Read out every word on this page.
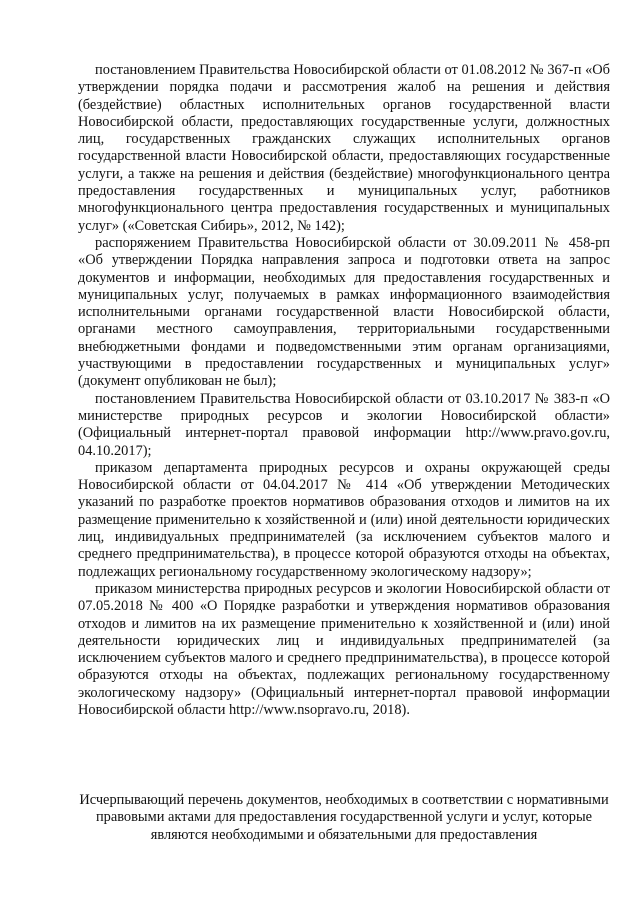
постановлением Правительства Новосибирской области от 01.08.2012 № 367-п «Об утверждении порядка подачи и рассмотрения жалоб на решения и действия (бездействие) областных исполнительных органов государственной власти Новосибирской области, предоставляющих государственные услуги, должностных лиц, государственных гражданских служащих исполнительных органов государственной власти Новосибирской области, предоставляющих государственные услуги, а также на решения и действия (бездействие) многофункционального центра предоставления государственных и муниципальных услуг, работников многофункционального центра предоставления государственных и муниципальных услуг» («Советская Сибирь», 2012, № 142);

распоряжением Правительства Новосибирской области от 30.09.2011 № 458-рп «Об утверждении Порядка направления запроса и подготовки ответа на запрос документов и информации, необходимых для предоставления государственных и муниципальных услуг, получаемых в рамках информационного взаимодействия исполнительными органами государственной власти Новосибирской области, органами местного самоуправления, территориальными государственными внебюджетными фондами и подведомственными этим органам организациями, участвующими в предоставлении государственных и муниципальных услуг» (документ опубликован не был);

постановлением Правительства Новосибирской области от 03.10.2017 № 383-п «О министерстве природных ресурсов и экологии Новосибирской области» (Официальный интернет-портал правовой информации http://www.pravo.gov.ru, 04.10.2017);

приказом департамента природных ресурсов и охраны окружающей среды Новосибирской области от 04.04.2017 № 414 «Об утверждении Методических указаний по разработке проектов нормативов образования отходов и лимитов на их размещение применительно к хозяйственной и (или) иной деятельности юридических лиц, индивидуальных предпринимателей (за исключением субъектов малого и среднего предпринимательства), в процессе которой образуются отходы на объектах, подлежащих региональному государственному экологическому надзору»;

приказом министерства природных ресурсов и экологии Новосибирской области от 07.05.2018 № 400 «О Порядке разработки и утверждения нормативов образования отходов и лимитов на их размещение применительно к хозяйственной и (или) иной деятельности юридических лиц и индивидуальных предпринимателей (за исключением субъектов малого и среднего предпринимательства), в процессе которой образуются отходы на объектах, подлежащих региональному государственному экологическому надзору» (Официальный интернет-портал правовой информации Новосибирской области http://www.nsopravo.ru, 2018).

Исчерпывающий перечень документов, необходимых в соответствии с нормативными правовыми актами для предоставления государственной услуги и услуг, которые являются необходимыми и обязательными для предоставления
